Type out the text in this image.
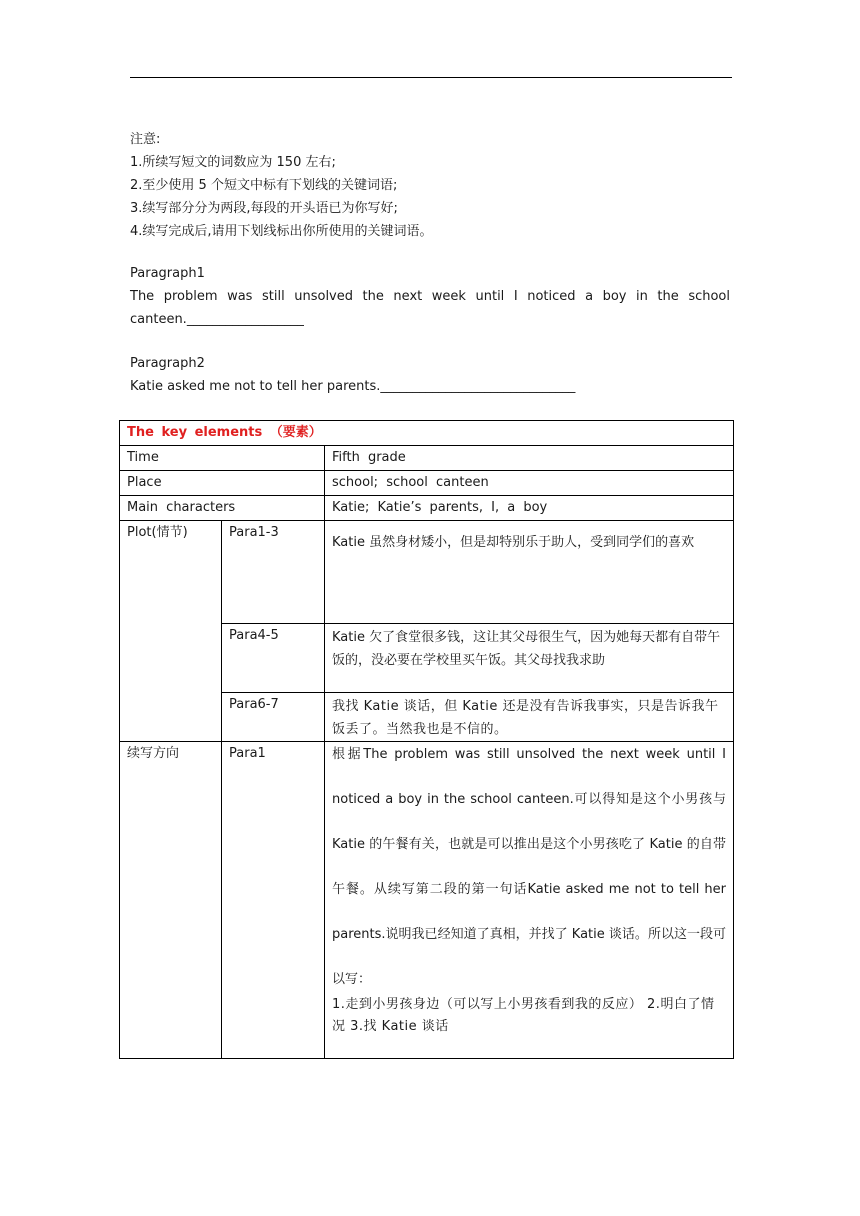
注意:

1.所续写短文的词数应为 150 左右;

2.至少使用 5 个短文中标有下划线的关键词语;

3.续写部分分为两段,每段的开头语已为你写好;

4.续写完成后,请用下划线标出你所使用的关键词语。

Paragraph1

The problem was still unsolved the next week until I noticed a boy in the school canteen.__________________

Paragraph2

Katie asked me not to tell her parents.______________________________

The key elements （要素）		
Time		Fifth grade
Place		school; school canteen
Main characters		Katie; Katie’s parents, I, a boy
Plot(情节)	Para1-3	Katie 虽然身材矮小，但是却特别乐于助人，受到同学们的喜欢
	Para4-5	Katie 欠了食堂很多钱，这让其父母很生气，因为她每天都有自带午饭的，没必要在学校里买午饭。其父母找我求助
	Para6-7	我找 Katie 谈话，但 Katie 还是没有告诉我事实，只是告诉我午饭丢了。当然我也是不信的。
续写方向	Para1	根据The problem was still unsolved the next week until I noticed a boy in the school canteen.可以得知是这个小男孩与 Katie 的午餐有关，也就是可以推出是这个小男孩吃了 Katie 的自带午餐。从续写第二段的第一句话Katie asked me not to tell her parents.说明我已经知道了真相，并找了 Katie 谈话。所以这一段可以写：
1.走到小男孩身边（可以写上小男孩看到我的反应） 2.明白了情况 3.找 Katie 谈话
